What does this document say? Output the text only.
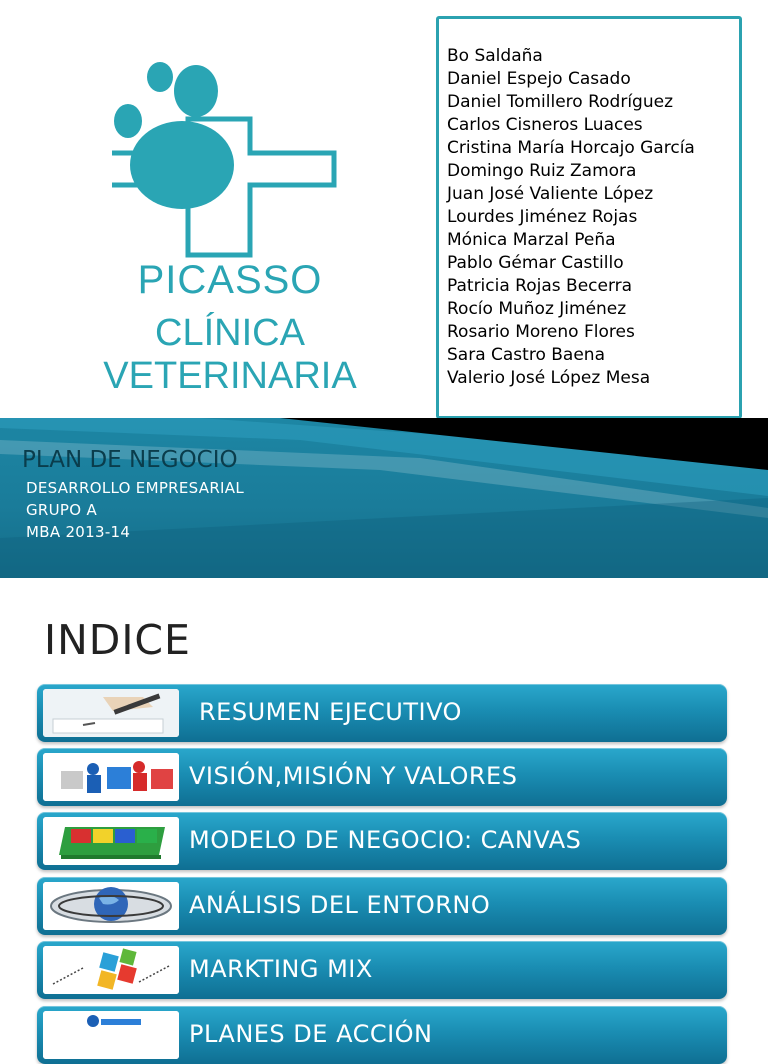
PICASSO
CLÍNICA VETERINARIA
Bo Saldaña
Daniel Espejo Casado
Daniel Tomillero Rodríguez
Carlos Cisneros Luaces
Cristina María Horcajo García
Domingo Ruiz Zamora
Juan José Valiente López
Lourdes Jiménez Rojas
Mónica Marzal Peña
Pablo Gémar Castillo
Patricia Rojas Becerra
Rocío Muñoz Jiménez
Rosario Moreno Flores
Sara Castro Baena
Valerio José López Mesa
PLAN DE NEGOCIO
DESARROLLO EMPRESARIAL
GRUPO A
MBA 2013-14
INDICE
RESUMEN EJECUTIVO
VISIÓN,MISIÓN Y VALORES
MODELO DE NEGOCIO: CANVAS
ANÁLISIS DEL ENTORNO
MARKTING MIX
PLANES DE ACCIÓN
